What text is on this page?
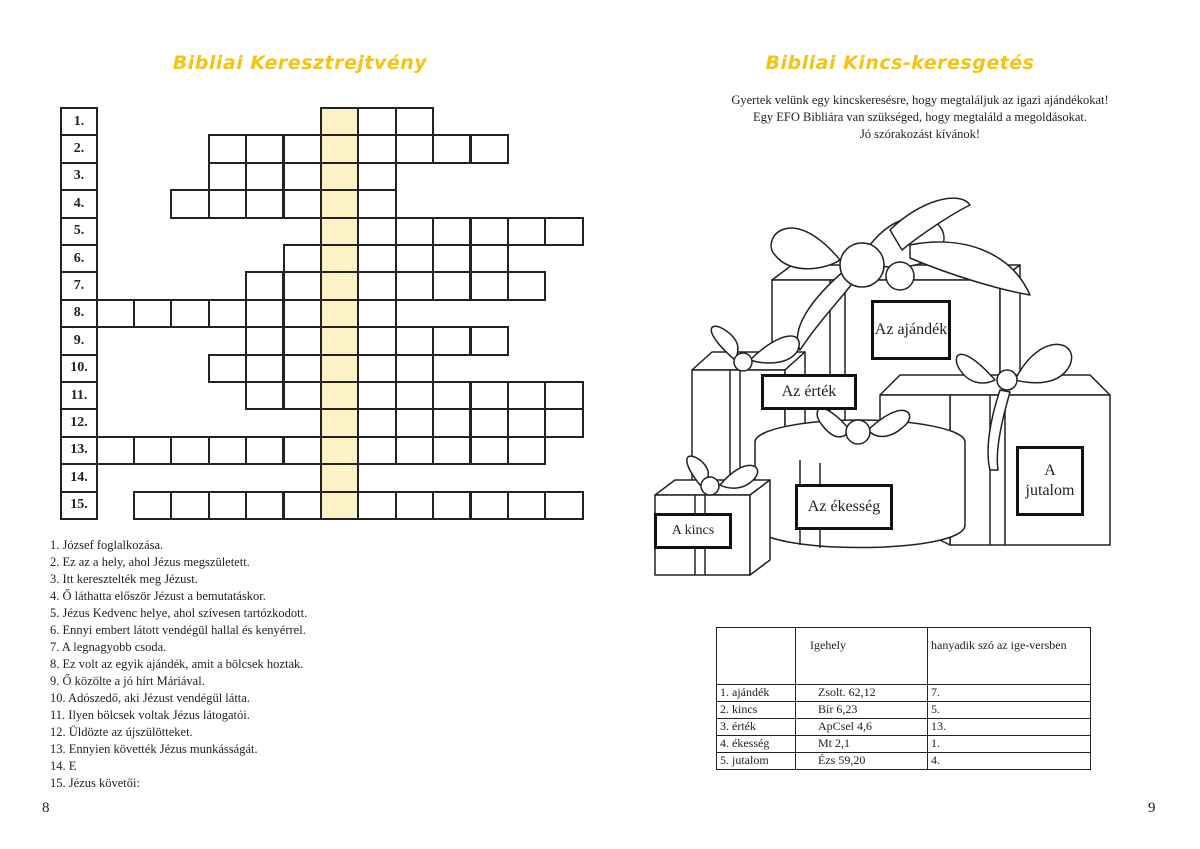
Bibliai Keresztrejtvény
1.
2.
3.
4.
5.
6.
7.
8.
9.
10.
11.
12.
13.
14.
15.
1. József foglalkozása.
2. Ez az a hely, ahol Jézus megszületett.
3. Itt keresztelték meg Jézust.
4. Ő láthatta először Jézust a bemutatáskor.
5. Jézus Kedvenc helye, ahol szívesen tartózkodott.
6. Ennyi embert látott vendégül hallal és kenyérrel.
7. A legnagyobb csoda.
8. Ez volt az egyik ajándék, amit a bölcsek hoztak.
9. Ő közölte a jó hírt Máriával.
10. Adószedő, aki Jézust vendégül látta.
11. Ilyen bölcsek voltak Jézus látogatói.
12. Üldözte az újszülötteket.
13. Ennyien követték Jézus munkásságát.
14. E
15. Jézus követői:
8
Bibliai Kincs-keresgetés
Gyertek velünk egy kincskeresésre, hogy megtaláljuk az igazi ajándékokat!
Egy EFO Bibliára van szükséged, hogy megtaláld a megoldásokat.
Jó szórakozást kívánok!
Az ajándék
Az érték
A jutalom
Az ékesség
A kincs
	Igehely	hanyadik szó az ige-versben
1. ajándék	Zsolt. 62,12	7.
2. kincs	Bír 6,23	5.
3. érték	ApCsel 4,6	13.
4. ékesség	Mt 2,1	1.
5. jutalom	Ézs 59,20	4.
9
